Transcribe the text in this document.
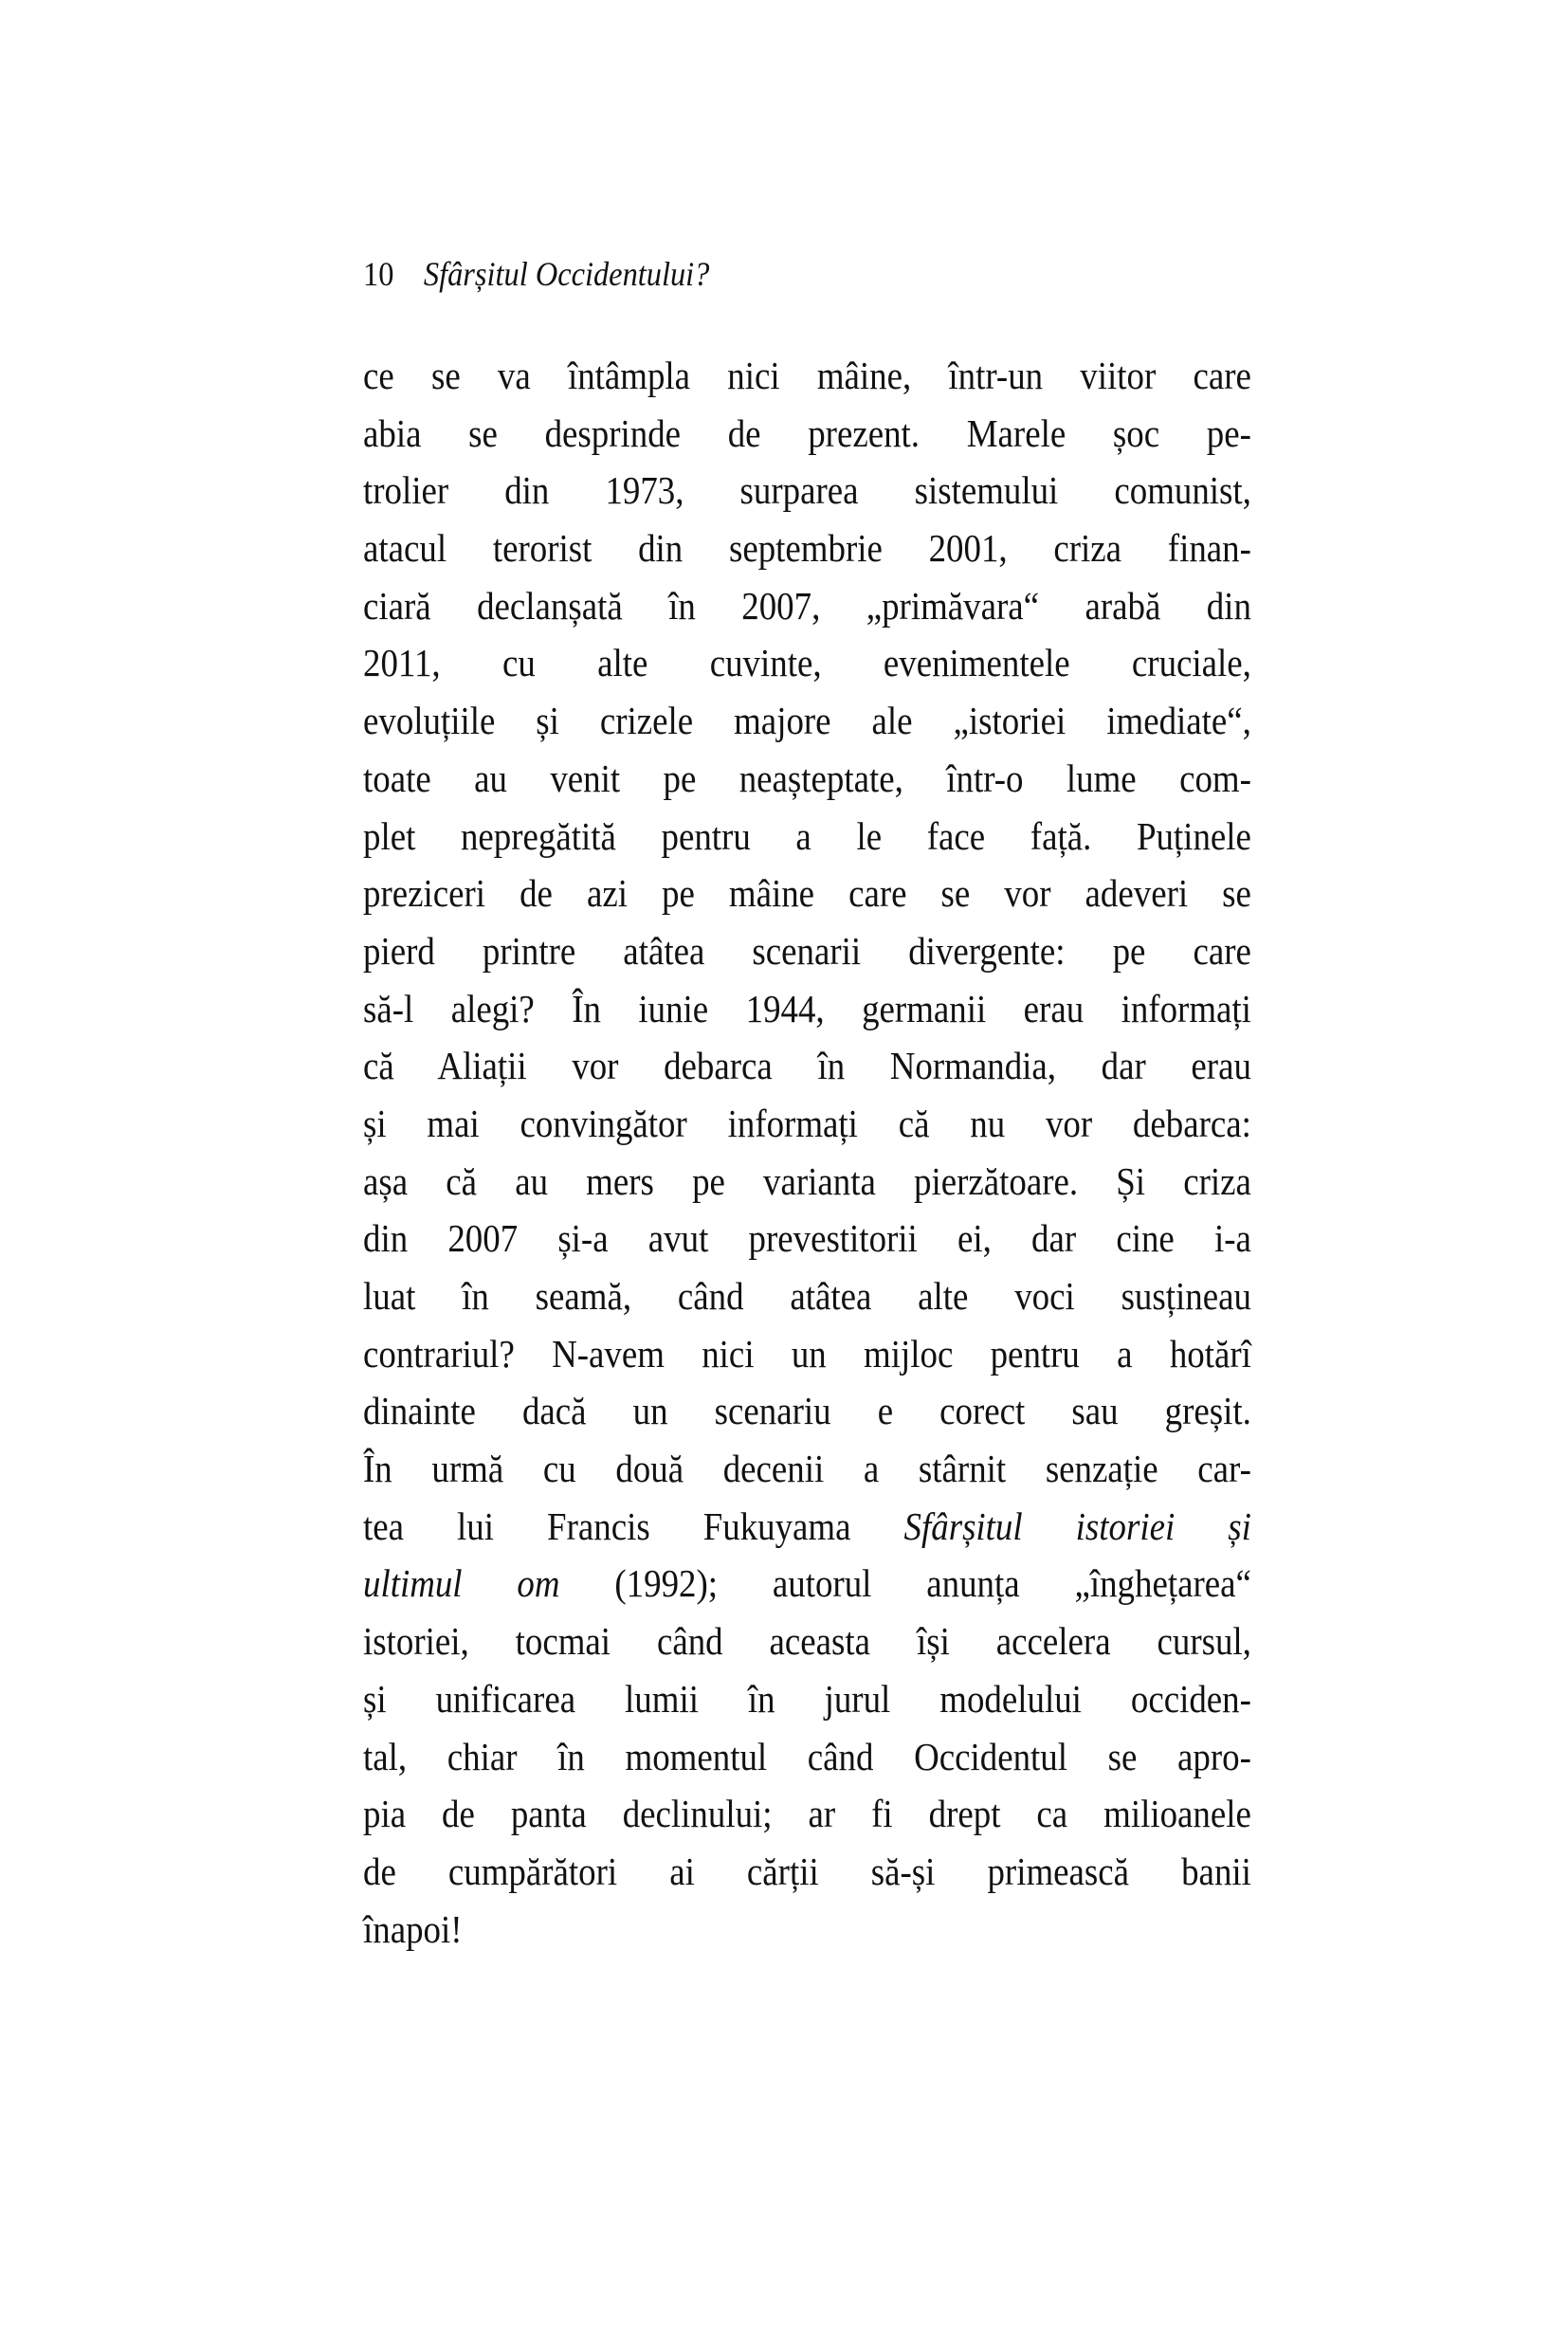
10 Sfârșitul Occidentului?
ce se va întâmpla nici mâine, într-un viitor care
abia se desprinde de prezent. Marele șoc pe-
trolier din 1973, surparea sistemului comunist,
atacul terorist din septembrie 2001, criza finan-
ciară declanșată în 2007, „primăvara“ arabă din
2011, cu alte cuvinte, evenimentele cruciale,
evoluțiile și crizele majore ale „istoriei imediate“,
toate au venit pe neașteptate, într-o lume com-
plet nepregătită pentru a le face față. Puținele
preziceri de azi pe mâine care se vor adeveri se
pierd printre atâtea scenarii divergente: pe care
să-l alegi? În iunie 1944, germanii erau informați
că Aliații vor debarca în Normandia, dar erau
și mai convingător informați că nu vor debarca:
așa că au mers pe varianta pierzătoare. Și criza
din 2007 și-a avut prevestitorii ei, dar cine i-a
luat în seamă, când atâtea alte voci susțineau
contrariul? N-avem nici un mijloc pentru a hotărî
dinainte dacă un scenariu e corect sau greșit.
În urmă cu două decenii a stârnit senzație car-
tea lui Francis Fukuyama Sfârșitul istoriei și
ultimul om (1992); autorul anunța „înghețarea“
istoriei, tocmai când aceasta își accelera cursul,
și unificarea lumii în jurul modelului occiden-
tal, chiar în momentul când Occidentul se apro-
pia de panta declinului; ar fi drept ca milioanele
de cumpărători ai cărții să-și primească banii
înapoi!
